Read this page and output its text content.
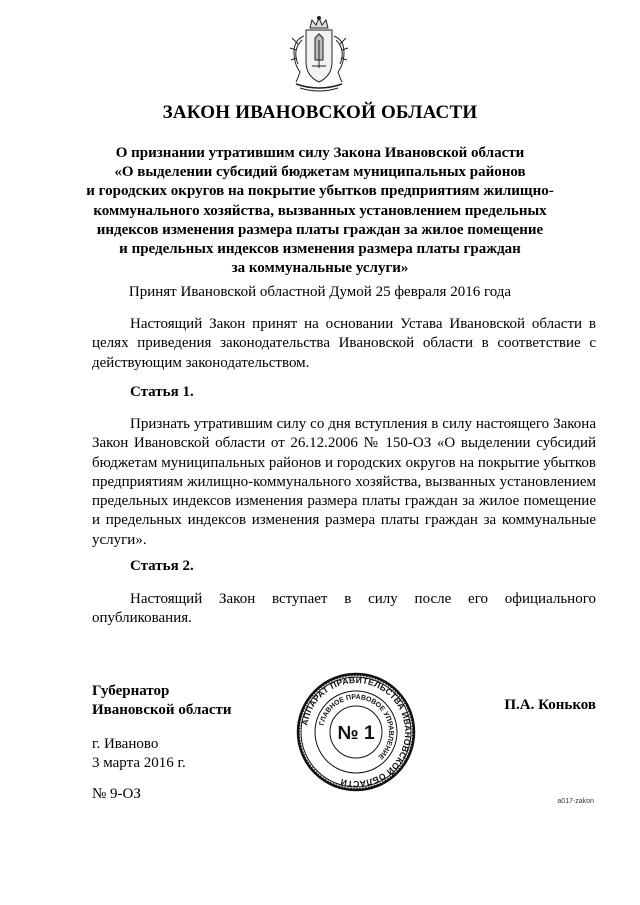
ЗАКОН ИВАНОВСКОЙ ОБЛАСТИ
О признании утратившим силу Закона Ивановской области
«О выделении субсидий бюджетам муниципальных районов
и городских округов на покрытие убытков предприятиям жилищно-
коммунального хозяйства, вызванных установлением предельных
индексов изменения размера платы граждан за жилое помещение
и предельных индексов изменения размера платы граждан
за коммунальные услуги»
Принят Ивановской областной Думой 25 февраля 2016 года
Настоящий Закон принят на основании Устава Ивановской области в целях приведения законодательства Ивановской области в соответствие с действующим законодательством.
Статья 1.
Признать утратившим силу со дня вступления в силу настоящего Закона Закон Ивановской области от 26.12.2006 № 150-ОЗ «О выделении субсидий бюджетам муниципальных районов и городских округов на покрытие убытков предприятиям жилищно-коммунального хозяйства, вызванных установлением предельных индексов изменения размера платы граждан за жилое помещение и предельных индексов изменения размера платы граждан за коммунальные услуги».
Статья 2.
Настоящий Закон вступает в силу после его официального опубликования.
Губернатор
Ивановской области	П.А. Коньков
г. Иваново
3 марта 2016 г.
№ 9-ОЗ	a017-zakon
АППАРАТ ПРАВИТЕЛЬСТВА ИВАНОВСКОЙ ОБЛАСТИ
ГЛАВНОЕ ПРАВОВОЕ УПРАВЛЕНИЕ
№ 1
